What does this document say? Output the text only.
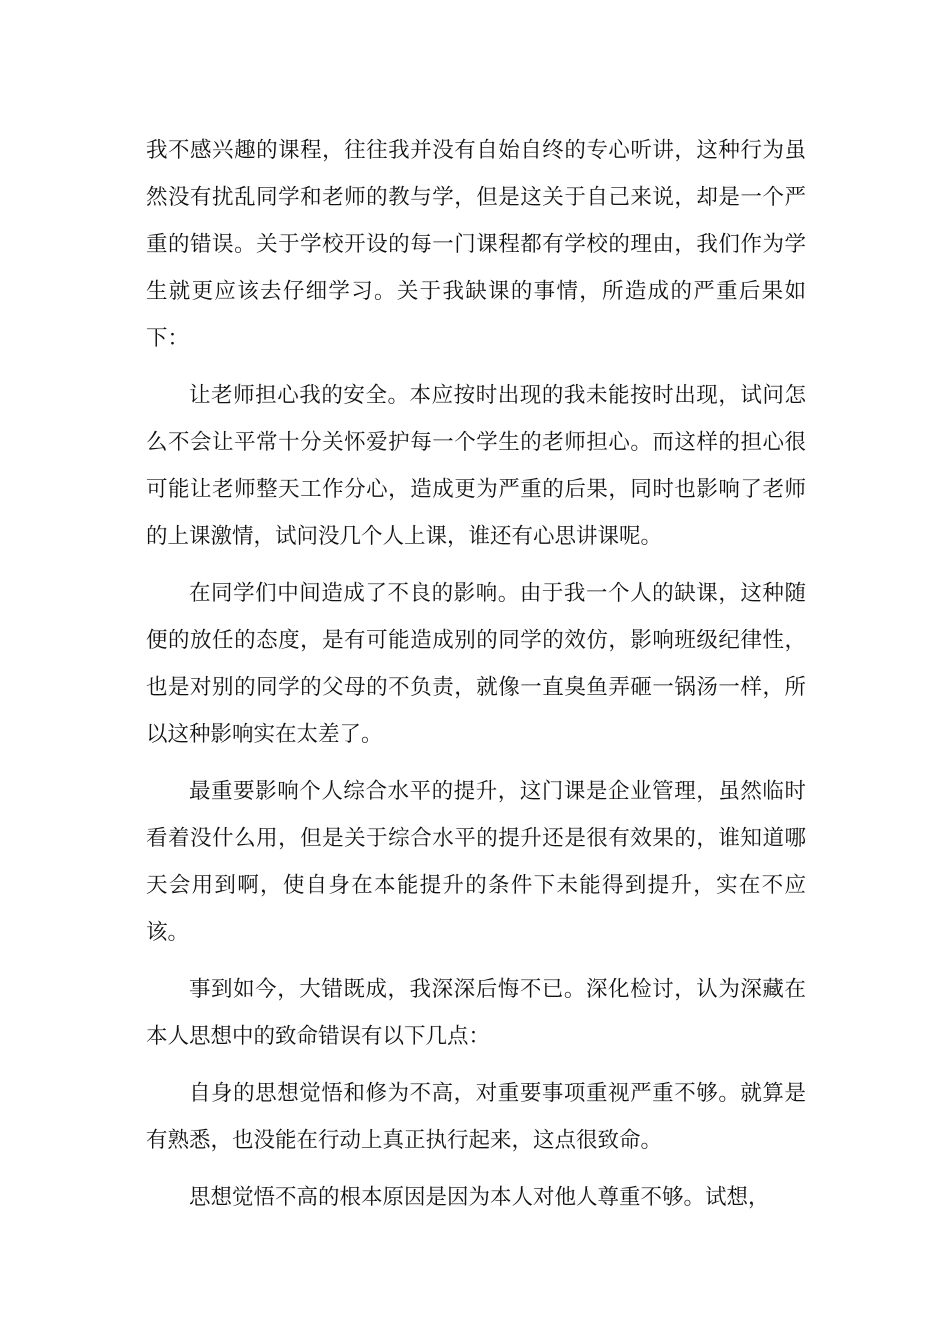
我不感兴趣的课程，往往我并没有自始自终的专心听讲，这种行为虽然没有扰乱同学和老师的教与学，但是这关于自己来说，却是一个严重的错误。关于学校开设的每一门课程都有学校的理由，我们作为学生就更应该去仔细学习。关于我缺课的事情，所造成的严重后果如下：

让老师担心我的安全。本应按时出现的我未能按时出现，试问怎么不会让平常十分关怀爱护每一个学生的老师担心。而这样的担心很可能让老师整天工作分心，造成更为严重的后果，同时也影响了老师的上课激情，试问没几个人上课，谁还有心思讲课呢。

在同学们中间造成了不良的影响。由于我一个人的缺课，这种随便的放任的态度，是有可能造成别的同学的效仿，影响班级纪律性，也是对别的同学的父母的不负责，就像一直臭鱼弄砸一锅汤一样，所以这种影响实在太差了。

最重要影响个人综合水平的提升，这门课是企业管理，虽然临时看着没什么用，但是关于综合水平的提升还是很有效果的，谁知道哪天会用到啊，使自身在本能提升的条件下未能得到提升，实在不应该。

事到如今，大错既成，我深深后悔不已。深化检讨，认为深藏在本人思想中的致命错误有以下几点：

自身的思想觉悟和修为不高，对重要事项重视严重不够。就算是有熟悉，也没能在行动上真正执行起来，这点很致命。

思想觉悟不高的根本原因是因为本人对他人尊重不够。试想，
